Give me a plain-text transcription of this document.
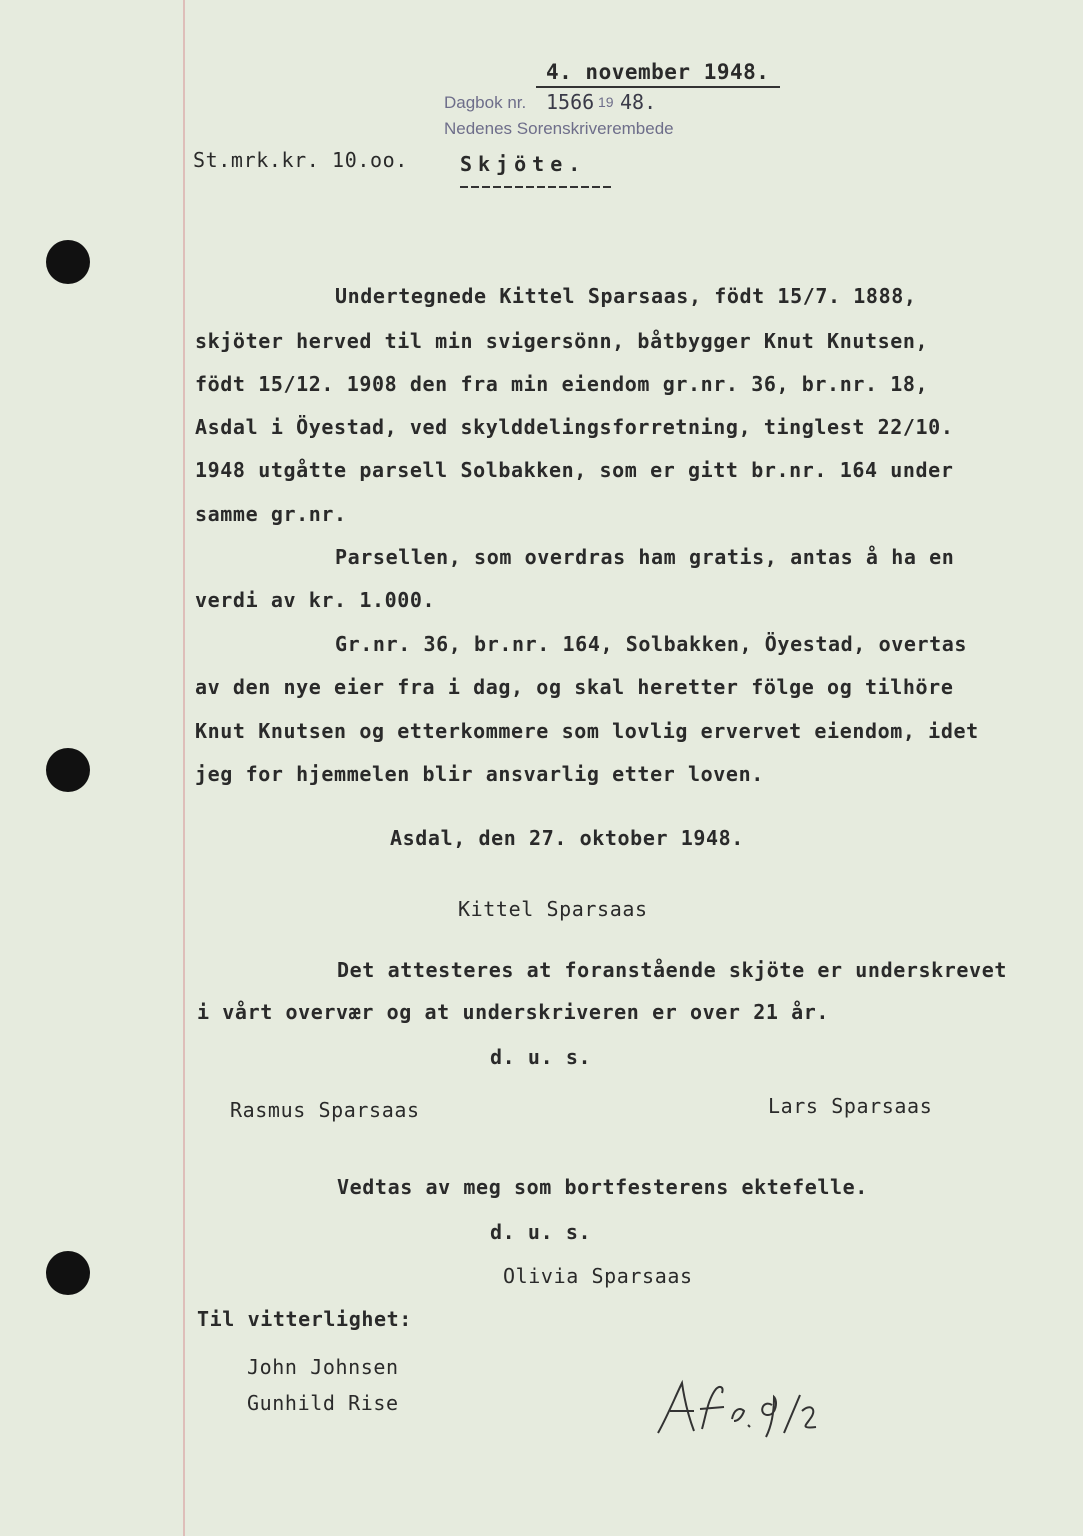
4. november 1948.
Dagbok nr. 1566 19 48.
Nedenes Sorenskriverembede
St.mrk.kr. 10.oo.	Skjöte.
Undertegnede Kittel Sparsaas, födt 15/7. 1888,
skjöter herved til min svigersönn, båtbygger Knut Knutsen,
födt 15/12. 1908 den fra min eiendom gr.nr. 36, br.nr. 18,
Asdal i Öyestad, ved skylddelingsforretning, tinglest 22/10.
1948 utgåtte parsell Solbakken, som er gitt br.nr. 164 under
samme gr.nr.
Parsellen, som overdras ham gratis, antas å ha en
verdi av kr. 1.000.
Gr.nr. 36, br.nr. 164, Solbakken, Öyestad, overtas
av den nye eier fra i dag, og skal heretter fölge og tilhöre
Knut Knutsen og etterkommere som lovlig ervervet eiendom, idet
jeg for hjemmelen blir ansvarlig etter loven.
Asdal, den 27. oktober 1948.
Kittel Sparsaas
Det attesteres at foranstående skjöte er underskrevet
i vårt overvær og at underskriveren er over 21 år.
d. u. s.
Rasmus Sparsaas	Lars Sparsaas
Vedtas av meg som bortfesterens ektefelle.
d. u. s.
Olivia Sparsaas
Til vitterlighet:
John Johnsen
Gunhild Rise
